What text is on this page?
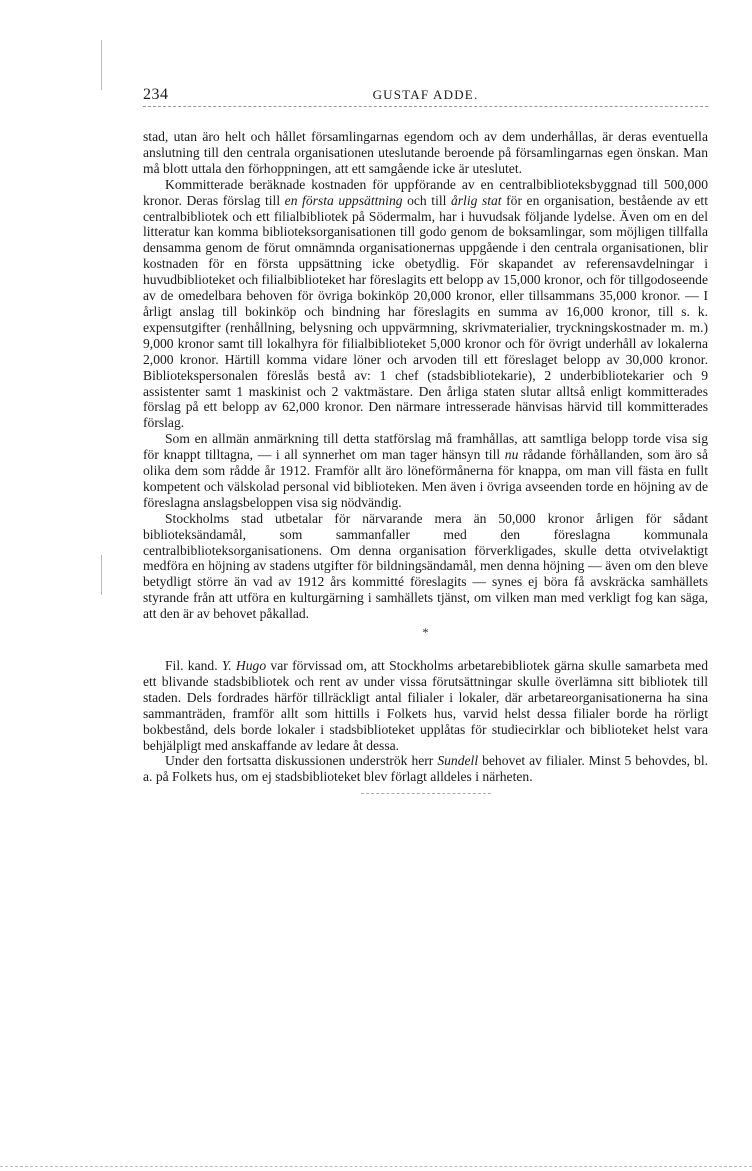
234	GUSTAF ADDE.

stad, utan äro helt och hållet församlingarnas egendom och av dem underhållas, är deras eventuella anslutning till den centrala organisationen uteslutande beroende på församlingarnas egen önskan. Man må blott uttala den förhoppningen, att ett samgående icke är uteslutet.

Kommitterade beräknade kostnaden för uppförande av en centralbiblioteksbyggnad till 500,000 kronor. Deras förslag till en första uppsättning och till årlig stat för en organisation, bestående av ett centralbibliotek och ett filialbibliotek på Södermalm, har i huvudsak följande lydelse. Även om en del litteratur kan komma biblioteksorganisationen till godo genom de boksamlingar, som möjligen tillfalla densamma genom de förut omnämnda organisationernas uppgående i den centrala organisationen, blir kostnaden för en första uppsättning icke obetydlig. För skapandet av referensavdelningar i huvudbiblioteket och filialbiblioteket har föreslagits ett belopp av 15,000 kronor, och för tillgodoseende av de omedelbara behoven för övriga bokinköp 20,000 kronor, eller tillsammans 35,000 kronor. — I årligt anslag till bokinköp och bindning har föreslagits en summa av 16,000 kronor, till s. k. expensutgifter (renhållning, belysning och uppvärmning, skrivmaterialier, tryckningskostnader m. m.) 9,000 kronor samt till lokalhyra för filialbiblioteket 5,000 kronor och för övrigt underhåll av lokalerna 2,000 kronor. Härtill komma vidare löner och arvoden till ett föreslaget belopp av 30,000 kronor. Bibliotekspersonalen föreslås bestå av: 1 chef (stadsbibliotekarie), 2 underbibliotekarier och 9 assistenter samt 1 maskinist och 2 vaktmästare. Den årliga staten slutar alltså enligt kommitterades förslag på ett belopp av 62,000 kronor. Den närmare intresserade hänvisas härvid till kommitterades förslag.

Som en allmän anmärkning till detta statförslag må framhållas, att samtliga belopp torde visa sig för knappt tilltagna, — i all synnerhet om man tager hänsyn till nu rådande förhållanden, som äro så olika dem som rådde år 1912. Framför allt äro löneförmånerna för knappa, om man vill fästa en fullt kompetent och välskolad personal vid biblioteken. Men även i övriga avseenden torde en höjning av de föreslagna anslagsbeloppen visa sig nödvändig.

Stockholms stad utbetalar för närvarande mera än 50,000 kronor årligen för sådant biblioteksändamål, som sammanfaller med den föreslagna kommunala centralbiblioteksorganisationens. Om denna organisation förverkligades, skulle detta otvivelaktigt medföra en höjning av stadens utgifter för bildningsändamål, men denna höjning — även om den bleve betydligt större än vad av 1912 års kommitté föreslagits — synes ej böra få avskräcka samhällets styrande från att utföra en kulturgärning i samhällets tjänst, om vilken man med verkligt fog kan säga, att den är av behovet påkallad.

*

Fil. kand. Y. Hugo var förvissad om, att Stockholms arbetarebibliotek gärna skulle samarbeta med ett blivande stadsbibliotek och rent av under vissa förutsättningar skulle överlämna sitt bibliotek till staden. Dels fordrades härför tillräckligt antal filialer i lokaler, där arbetareorganisationerna ha sina sammanträden, framför allt som hittills i Folkets hus, varvid helst dessa filialer borde ha rörligt bokbestånd, dels borde lokaler i stadsbiblioteket upplåtas för studiecirklar och biblioteket helst vara behjälpligt med anskaffande av ledare åt dessa.

Under den fortsatta diskussionen underströk herr Sundell behovet av filialer. Minst 5 behovdes, bl. a. på Folkets hus, om ej stadsbiblioteket blev förlagt alldeles i närheten.
